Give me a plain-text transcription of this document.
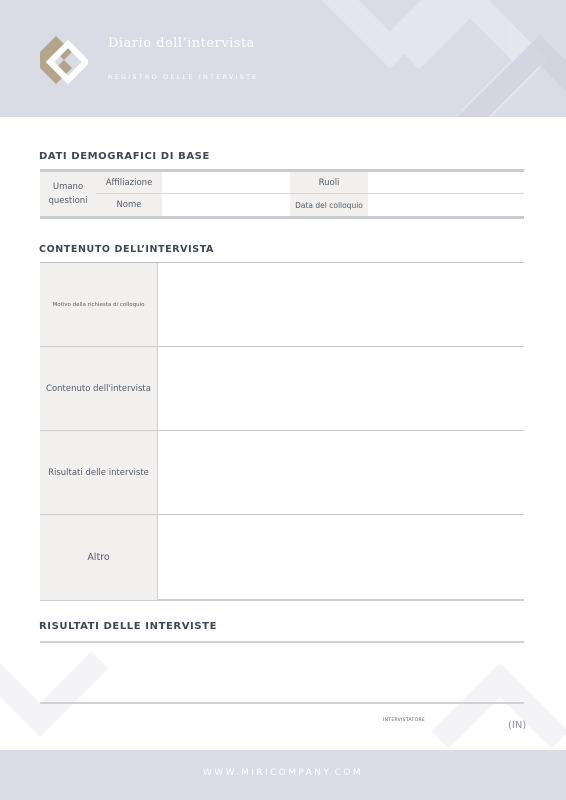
Diario dell’intervista
REGISTRO DELLE INTERVISTE
DATI DEMOGRAFICI DI BASE
Umano questioni
Affiliazione
Nome
Ruoli
Data del colloquio
CONTENUTO DELL’INTERVISTA
Motivo della richiesta di colloquio
Contenuto dell'intervista
Risultati delle interviste
Altro
RISULTATI DELLE INTERVISTE
INTERVISTATORE	(IN)
WWW.MIRICOMPANY.COM
